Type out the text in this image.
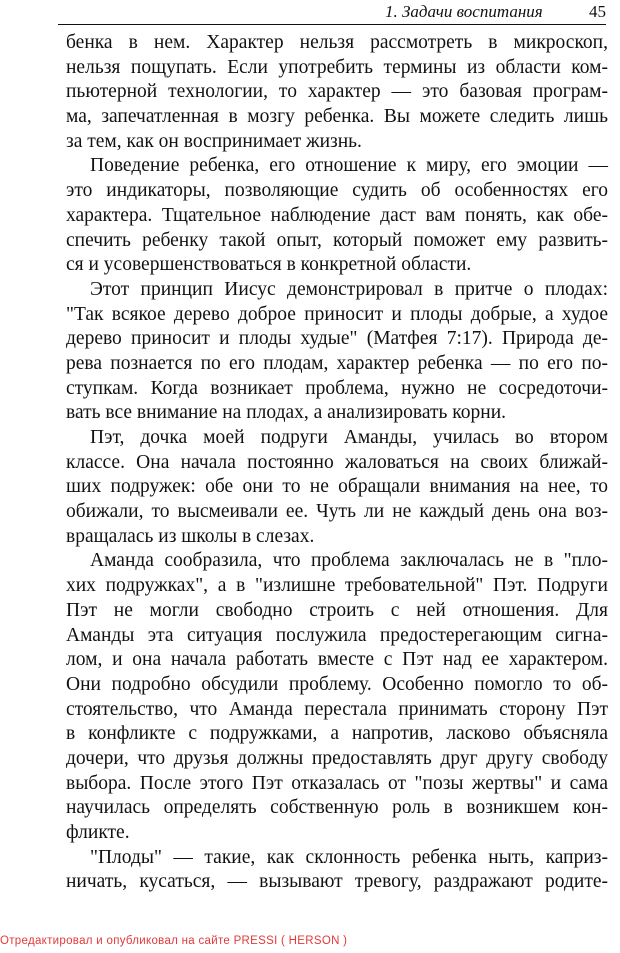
1. Задачи воспитания	45
бенка в нем. Характер нельзя рассмотреть в микроскоп,
нельзя пощупать. Если употребить термины из области ком-
пьютерной технологии, то характер — это базовая програм-
ма, запечатленная в мозгу ребенка. Вы можете следить лишь
за тем, как он воспринимает жизнь.
Поведение ребенка, его отношение к миру, его эмоции —
это индикаторы, позволяющие судить об особенностях его
характера. Тщательное наблюдение даст вам понять, как обе-
спечить ребенку такой опыт, который поможет ему развить-
ся и усовершенствоваться в конкретной области.
Этот принцип Иисус демонстрировал в притче о плодах:
"Так всякое дерево доброе приносит и плоды добрые, а худое
дерево приносит и плоды худые" (Матфея 7:17). Природа де-
рева познается по его плодам, характер ребенка — по его по-
ступкам. Когда возникает проблема, нужно не сосредоточи-
вать все внимание на плодах, а анализировать корни.
Пэт, дочка моей подруги Аманды, училась во втором
классе. Она начала постоянно жаловаться на своих ближай-
ших подружек: обе они то не обращали внимания на нее, то
обижали, то высмеивали ее. Чуть ли не каждый день она воз-
вращалась из школы в слезах.
Аманда сообразила, что проблема заключалась не в "пло-
хих подружках", а в "излишне требовательной" Пэт. Подруги
Пэт не могли свободно строить с ней отношения. Для
Аманды эта ситуация послужила предостерегающим сигна-
лом, и она начала работать вместе с Пэт над ее характером.
Они подробно обсудили проблему. Особенно помогло то об-
стоятельство, что Аманда перестала принимать сторону Пэт
в конфликте с подружками, а напротив, ласково объясняла
дочери, что друзья должны предоставлять друг другу свободу
выбора. После этого Пэт отказалась от "позы жертвы" и сама
научилась определять собственную роль в возникшем кон-
фликте.
"Плоды" — такие, как склонность ребенка ныть, каприз-
ничать, кусаться, — вызывают тревогу, раздражают родите-
Отредактировал и опубликовал на сайте PRESSI ( HERSON )
